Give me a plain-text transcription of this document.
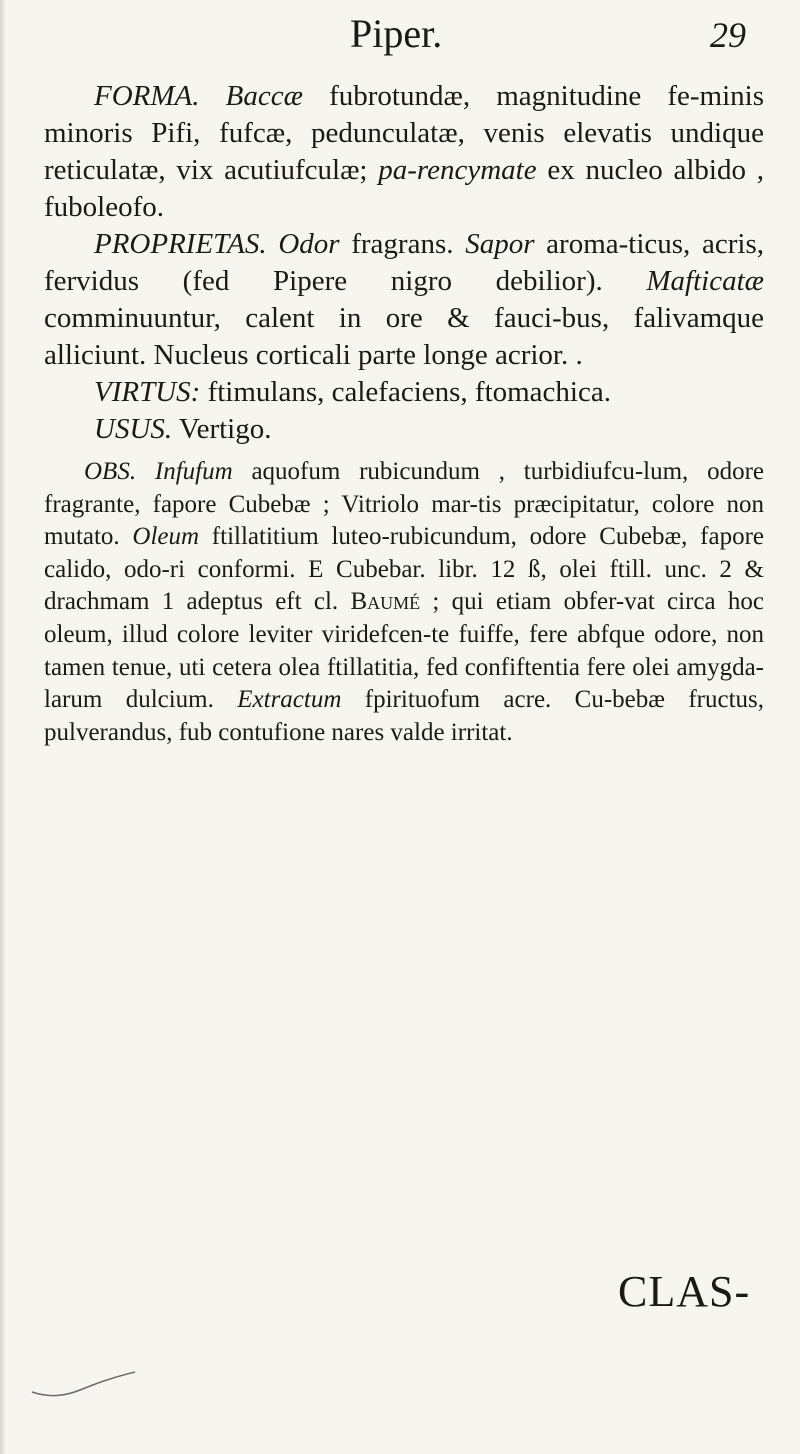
Piper.	29

FORMA. Baccæ fubrotundæ, magnitudine fe-minis minoris Pifi, fufcæ, pedunculatæ, venis elevatis undique reticulatæ, vix acutiufculæ; pa-rencymate ex nucleo albido , fuboleofo.

PROPRIETAS. Odor fragrans. Sapor aroma-ticus, acris, fervidus (fed Pipere nigro debilior). Mafticatæ comminuuntur, calent in ore & fauci-bus, falivamque alliciunt. Nucleus corticali parte longe acrior. .

VIRTUS: ftimulans, calefaciens, ftomachica.

USUS. Vertigo.

OBS. Infufum aquofum rubicundum , turbidiufcu-lum, odore fragrante, fapore Cubebæ ; Vitriolo mar-tis præcipitatur, colore non mutato. Oleum ftillatitium luteo-rubicundum, odore Cubebæ, fapore calido, odo-ri conformi. E Cubebar. libr. 12 ß, olei ftill. unc. 2 & drachmam 1 adeptus eft cl. Baumé ; qui etiam obfer-vat circa hoc oleum, illud colore leviter viridefcen-te fuiffe, fere abfque odore, non tamen tenue, uti cetera olea ftillatitia, fed confiftentia fere olei amygda-larum dulcium. Extractum fpirituofum acre. Cu-bebæ fructus, pulverandus, fub contufione nares valde irritat.

CLAS-
